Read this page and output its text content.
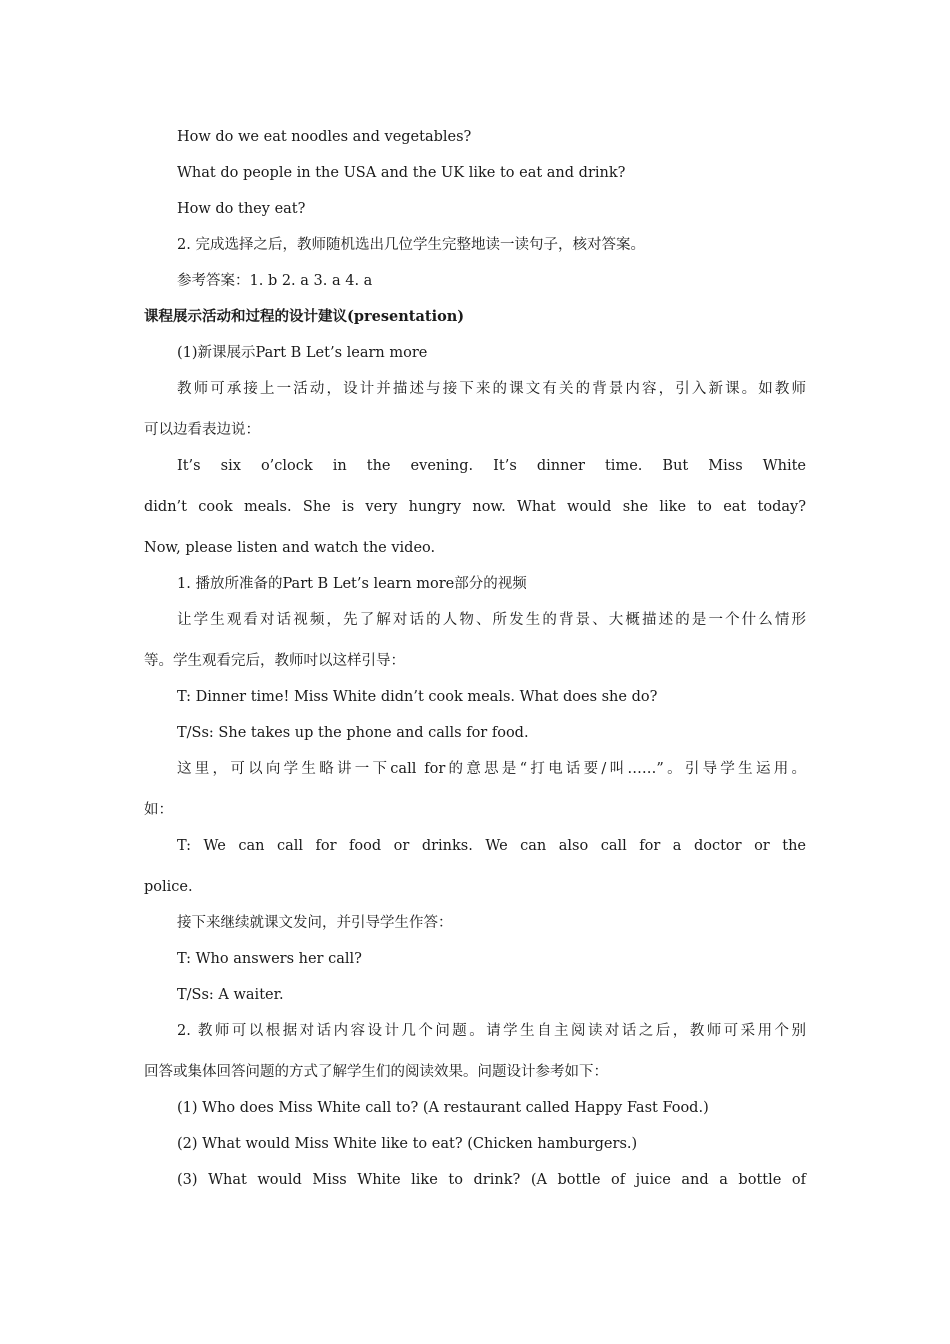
How do we eat noodles and vegetables?
What do people in the USA and the UK like to eat and drink?
How do they eat?
2. 完成选择之后，教师随机选出几位学生完整地读一读句子，核对答案。
参考答案：1. b 2. a 3. a 4. a
课程展示活动和过程的设计建议(presentation)
(1)新课展示Part B Let’s learn more
教师可承接上一活动，设计并描述与接下来的课文有关的背景内容，引入新课。如教师
可以边看表边说：
It’s six o’clock in the evening. It’s dinner time. But Miss White
didn’t cook meals. She is very hungry now. What would she like to eat today?
Now, please listen and watch the video.
1. 播放所准备的Part B Let’s learn more部分的视频
让学生观看对话视频，先了解对话的人物、所发生的背景、大概描述的是一个什么情形
等。学生观看完后，教师吋以这样引导：
T: Dinner time! Miss White didn’t cook meals. What does she do?
T/Ss: She takes up the phone and calls for food.
这里，可以向学生略讲一下call for的意思是“打电话要/叫……”。引导学生运用。
如：
T: We can call for food or drinks. We can also call for a doctor or the
police.
接下来继续就课文发问，并引导学生作答：
T: Who answers her call?
T/Ss: A waiter.
2. 教师可以根据对话内容设计几个问题。请学生自主阅读对话之后，教师可采用个别
回答或集体回答问题的方式了解学生们的阅读效果。问题设计参考如下：
(1) Who does Miss White call to? (A restaurant called Happy Fast Food.)
(2) What would Miss White like to eat? (Chicken hamburgers.)
(3) What would Miss White like to drink? (A bottle of juice and a bottle of
